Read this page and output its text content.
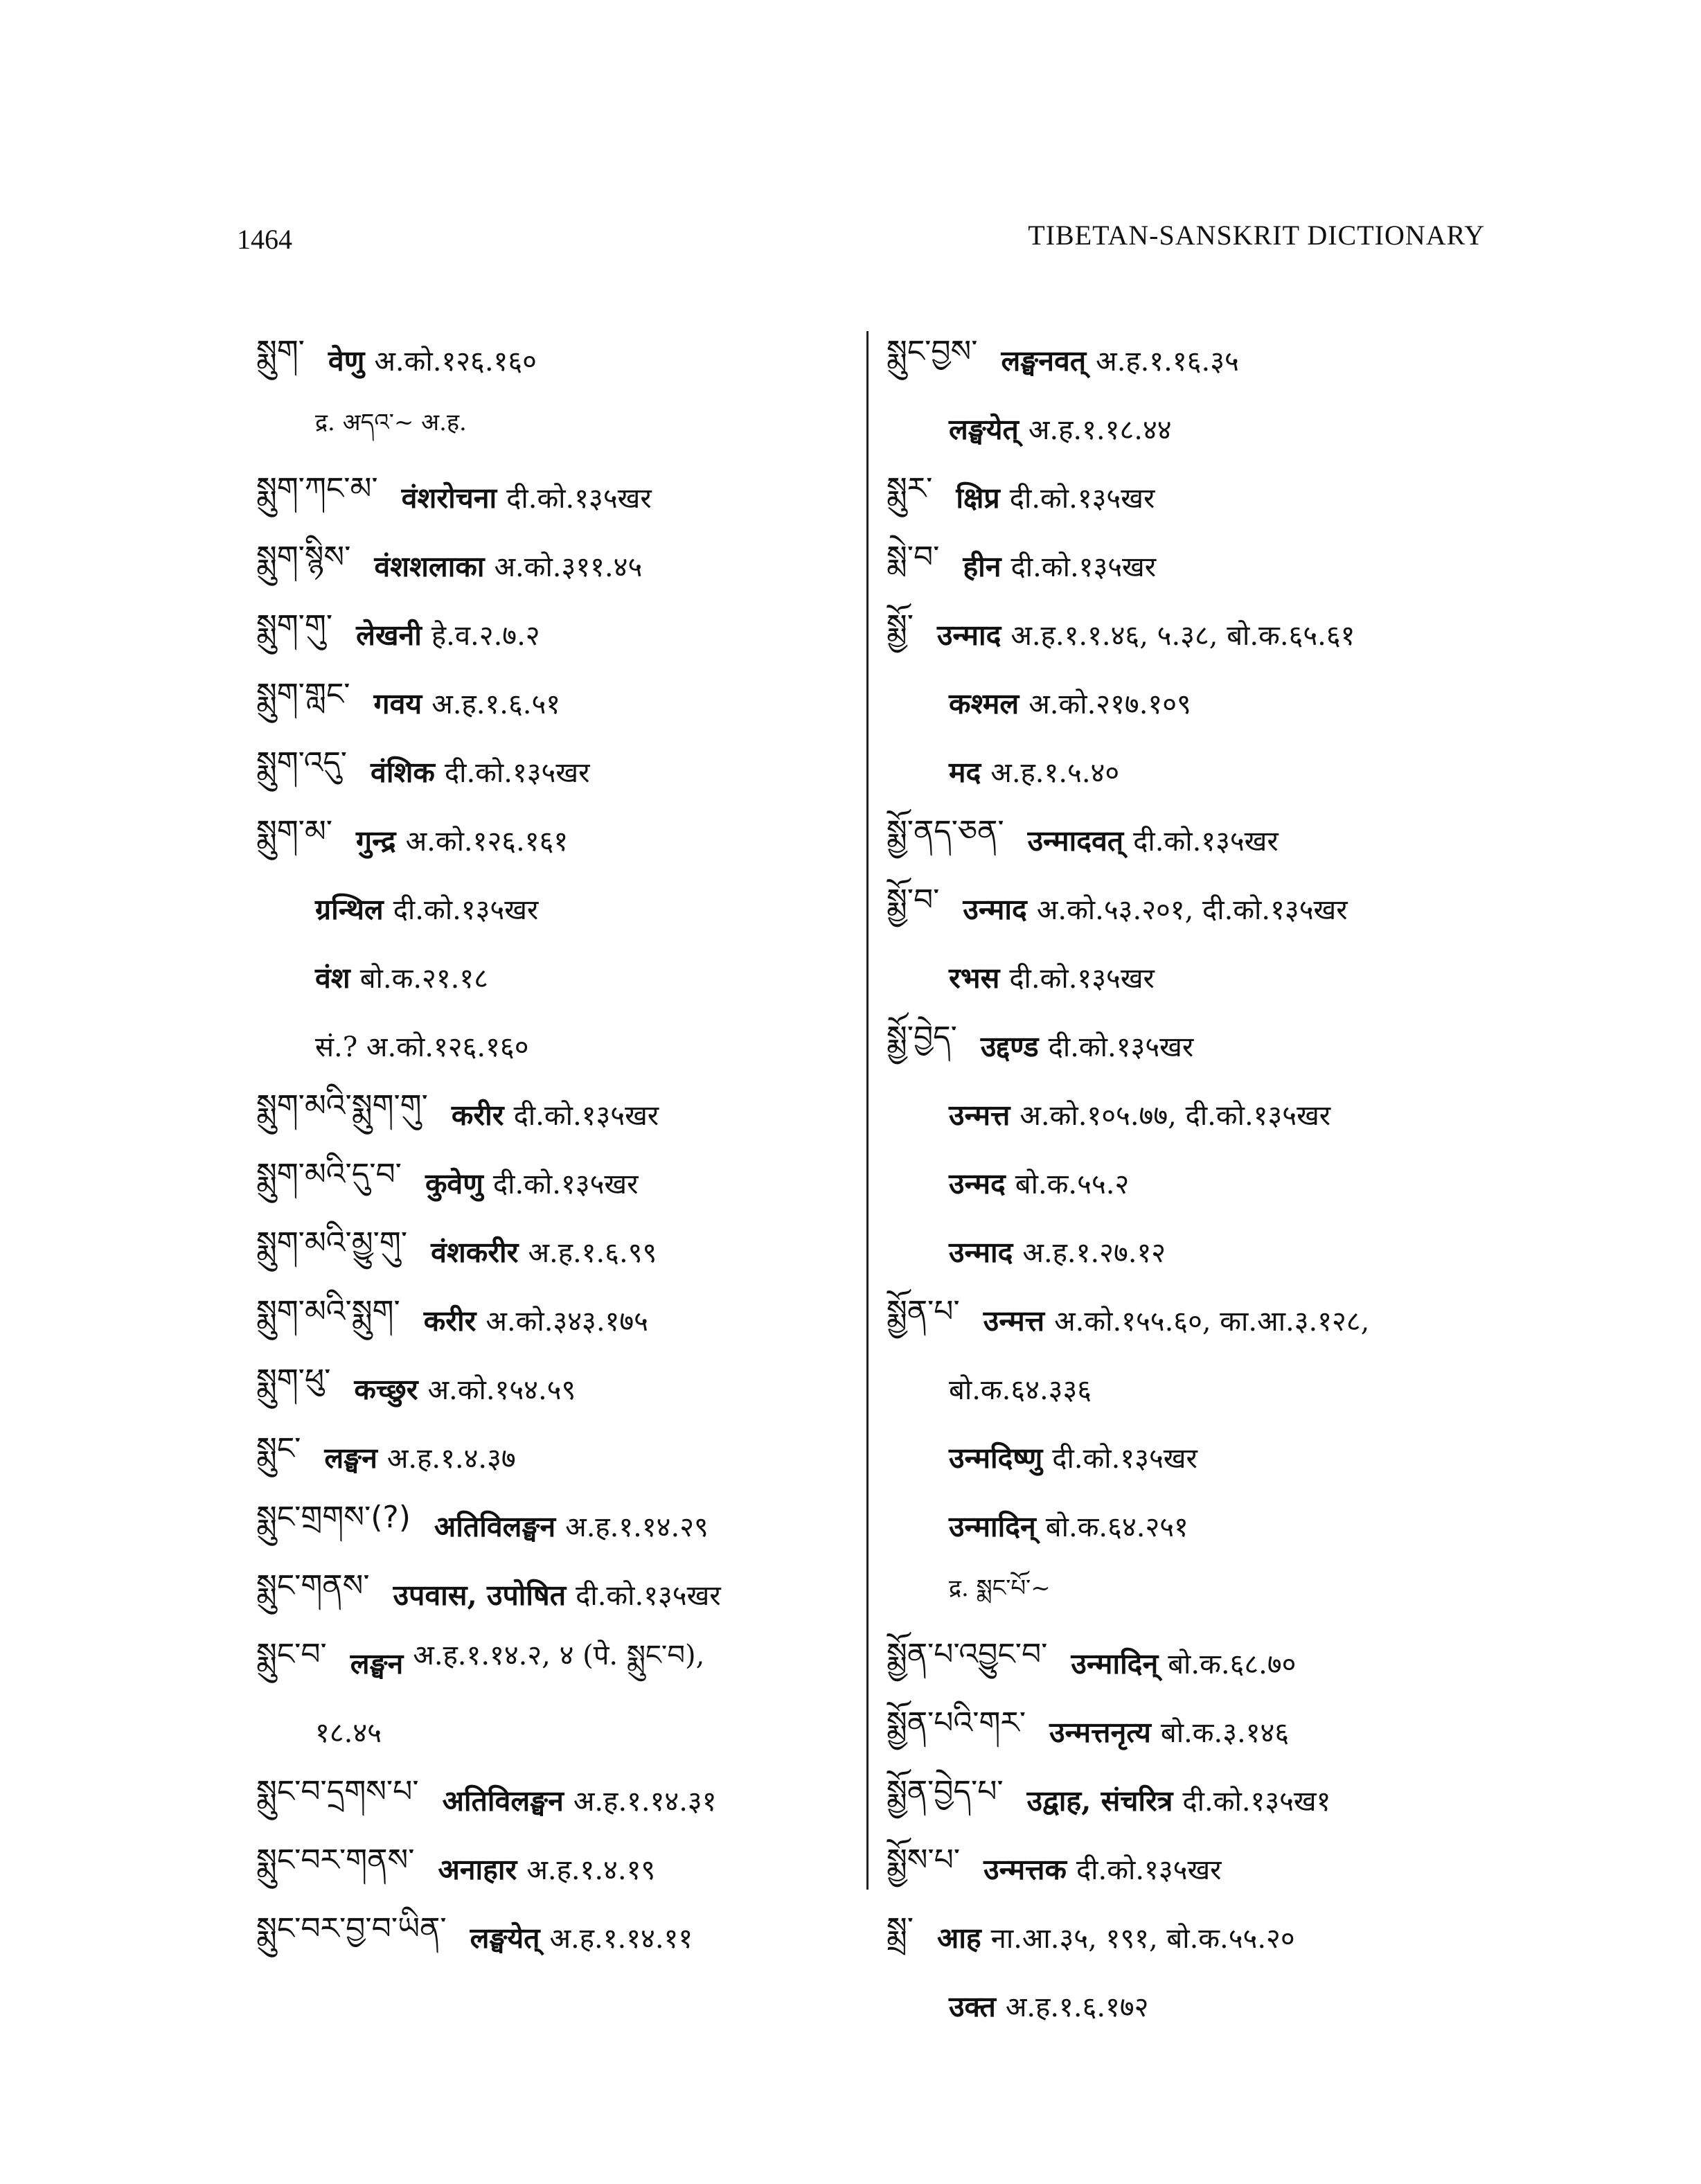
1464	TIBETAN-SANSKRIT DICTIONARY
སྨུག་ वेणु अ.को.१२६.१६०
द्र. अདའ་~ अ.ह.
སྨུག་ཀང་མ་ वंशरोचना दी.को.१३५खर
སྨུག་སྙིས་ वंशशलाका अ.को.३११.४५
སྨུག་གུ་ लेखनी हे.व.२.७.२
སྨུག་གླང་ गवय अ.ह.१.६.५१
སྨུག་འདུ་ वंशिक दी.को.१३५खर
སྨུག་མ་ गुन्द्र अ.को.१२६.१६१
ग्रन्थिल दी.को.१३५खर
वंश बो.क.२१.१८
सं.? अ.को.१२६.१६०
སྨུག་མའི་སྨུག་གུ་ करीर दी.को.१३५खर
སྨུག་མའི་དུ་བ་ कुवेणु दी.को.१३५खर
སྨུག་མའི་མྱུ་གུ་ वंशकरीर अ.ह.१.६.९९
སྨུག་མའི་སྨུག་ करीर अ.को.३४३.१७५
སྨུག་ཕུ་ कच्छुर अ.को.१५४.५९
སྨུང་ लङ्घन अ.ह.१.४.३७
སྨུང་གྲགས་(?) अतिविलङ्घन अ.ह.१.१४.२९
སྨུང་གནས་ उपवास, उपोषित दी.को.१३५खर
སྨུང་བ་ लङ्घन अ.ह.१.१४.२, ४ (पे. སྨུང་བ),
१८.४५
སྨུང་བ་དྲགས་པ་ अतिविलङ्घन अ.ह.१.१४.३१
སྨུང་བར་གནས་ अनाहार अ.ह.१.४.१९
སྨུང་བར་བྱ་བ་ཡིན་ लङ्घयेत् अ.ह.१.१४.११
སྨུང་བྱས་ लङ्घनवत् अ.ह.१.१६.३५
लङ्घयेत् अ.ह.१.१८.४४
སྨུར་ क्षिप्र दी.को.१३५खर
སྨེ་བ་ हीन दी.को.१३५खर
སྨྱོ་ उन्माद अ.ह.१.१.४६, ५.३८, बो.क.६५.६१
कश्मल अ.को.२१७.१०९
मद अ.ह.१.५.४०
སྨྱོ་ནད་ཅན་ उन्मादवत् दी.को.१३५खर
སྨྱོ་བ་ उन्माद अ.को.५३.२०१, दी.को.१३५खर
रभस दी.को.१३५खर
སྨྱོ་བྱེད་ उद्दण्ड दी.को.१३५खर
उन्मत्त अ.को.१०५.७७, दी.को.१३५खर
उन्मद बो.क.५५.२
उन्माद अ.ह.१.२७.१२
སྨྱོན་པ་ उन्मत्त अ.को.१५५.६०, का.आ.३.१२८,
बो.क.६४.३३६
उन्मदिष्णु दी.को.१३५खर
उन्मादिन् बो.क.६४.२५१
द्र. སྨང་པོ་~
སྨྱོན་པ་འབྱུང་བ་ उन्मादिन् बो.क.६८.७०
སྨྱོན་པའི་གར་ उन्मत्तनृत्य बो.क.३.१४६
སྨྱོན་བྱེད་པ་ उद्वाह, संचरित्र दी.को.१३५ख१
སྨྱོས་པ་ उन्मत्तक दी.को.१३५खर
སྨྲ་ आह ना.आ.३५, १९१, बो.क.५५.२०
उक्त अ.ह.१.६.१७२
